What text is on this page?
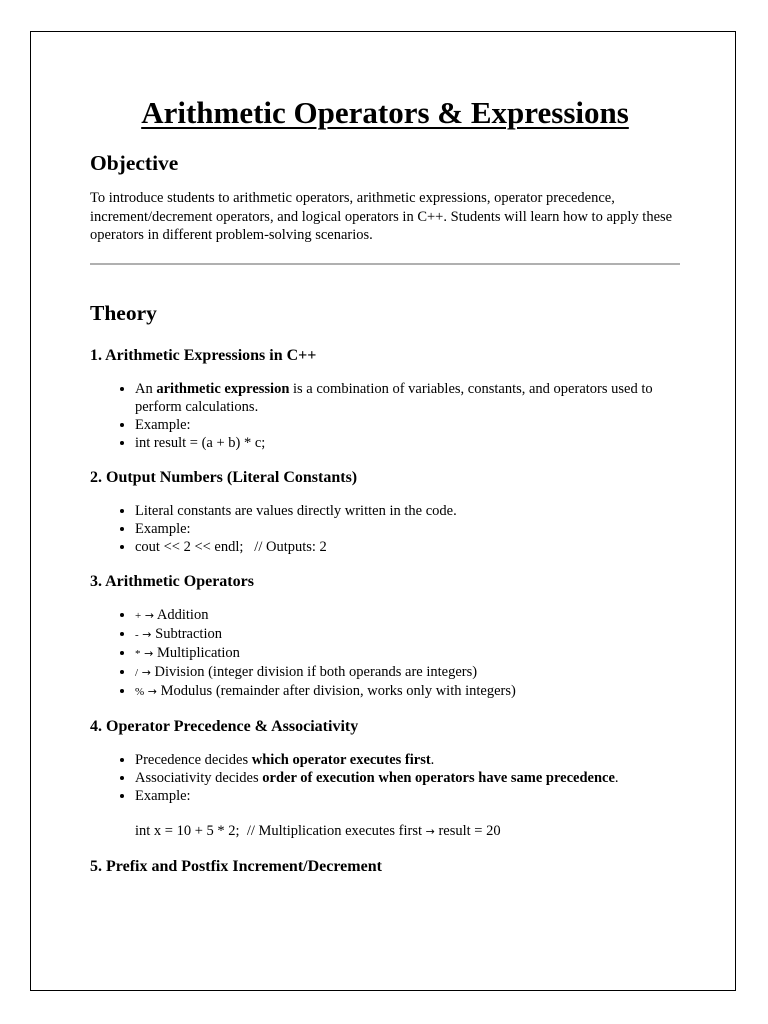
Arithmetic Operators & Expressions
Objective

To introduce students to arithmetic operators, arithmetic expressions, operator precedence, increment/decrement operators, and logical operators in C++. Students will learn how to apply these operators in different problem-solving scenarios.

Theory
1. Arithmetic Expressions in C++
• An arithmetic expression is a combination of variables, constants, and operators used to perform calculations.
• Example:
• int result = (a + b) * c;
2. Output Numbers (Literal Constants)
• Literal constants are values directly written in the code.
• Example:
• cout << 2 << endl;   // Outputs: 2
3. Arithmetic Operators
• + → Addition
• - → Subtraction
• * → Multiplication
• / → Division (integer division if both operands are integers)
• % → Modulus (remainder after division, works only with integers)
4. Operator Precedence & Associativity
• Precedence decides which operator executes first.
• Associativity decides order of execution when operators have same precedence.
• Example:
int x = 10 + 5 * 2;  // Multiplication executes first → result = 20
5. Prefix and Postfix Increment/Decrement
